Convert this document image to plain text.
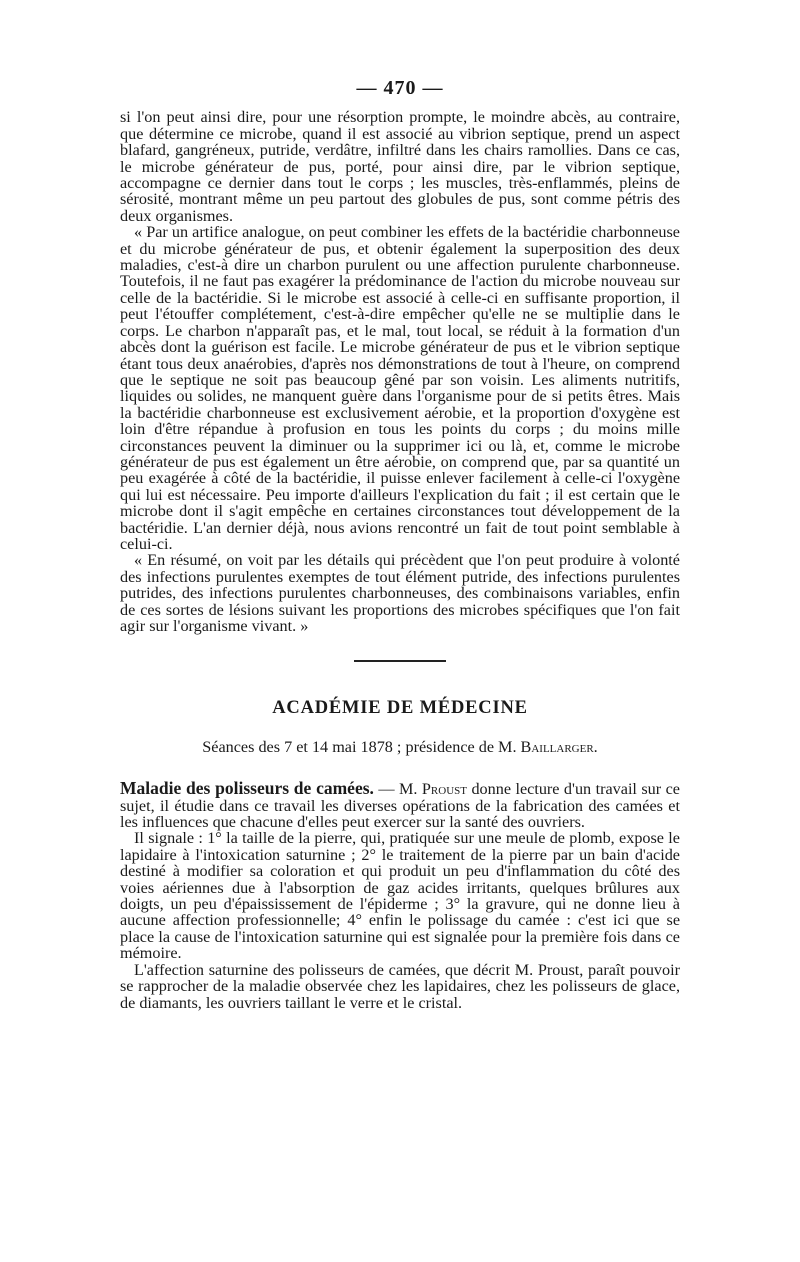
— 470 —

si l'on peut ainsi dire, pour une résorption prompte, le moindre abcès, au contraire, que détermine ce microbe, quand il est associé au vibrion septique, prend un aspect blafard, gangréneux, putride, verdâtre, infiltré dans les chairs ramollies. Dans ce cas, le microbe générateur de pus, porté, pour ainsi dire, par le vibrion septique, accompagne ce dernier dans tout le corps ; les muscles, très-enflammés, pleins de sérosité, montrant même un peu partout des globules de pus, sont comme pétris des deux organismes.

« Par un artifice analogue, on peut combiner les effets de la bactéridie charbonneuse et du microbe générateur de pus, et obtenir également la superposition des deux maladies, c'est-à dire un charbon purulent ou une affection purulente charbonneuse. Toutefois, il ne faut pas exagérer la prédominance de l'action du microbe nouveau sur celle de la bactéridie. Si le microbe est associé à celle-ci en suffisante proportion, il peut l'étouffer complétement, c'est-à-dire empêcher qu'elle ne se multiplie dans le corps. Le charbon n'apparaît pas, et le mal, tout local, se réduit à la formation d'un abcès dont la guérison est facile. Le microbe générateur de pus et le vibrion septique étant tous deux anaérobies, d'après nos démonstrations de tout à l'heure, on comprend que le septique ne soit pas beaucoup gêné par son voisin. Les aliments nutritifs, liquides ou solides, ne manquent guère dans l'organisme pour de si petits êtres. Mais la bactéridie charbonneuse est exclusivement aérobie, et la proportion d'oxygène est loin d'être répandue à profusion en tous les points du corps ; du moins mille circonstances peuvent la diminuer ou la supprimer ici ou là, et, comme le microbe générateur de pus est également un être aérobie, on comprend que, par sa quantité un peu exagérée à côté de la bactéridie, il puisse enlever facilement à celle-ci l'oxygène qui lui est nécessaire. Peu importe d'ailleurs l'explication du fait ; il est certain que le microbe dont il s'agit empêche en certaines circonstances tout développement de la bactéridie. L'an dernier déjà, nous avions rencontré un fait de tout point semblable à celui-ci.

« En résumé, on voit par les détails qui précèdent que l'on peut produire à volonté des infections purulentes exemptes de tout élément putride, des infections purulentes putrides, des infections purulentes charbonneuses, des combinaisons variables, enfin de ces sortes de lésions suivant les proportions des microbes spécifiques que l'on fait agir sur l'organisme vivant. »

ACADÉMIE DE MÉDECINE

Séances des 7 et 14 mai 1878 ; présidence de M. Baillarger.

Maladie des polisseurs de camées. — M. Proust donne lecture d'un travail sur ce sujet, il étudie dans ce travail les diverses opérations de la fabrication des camées et les influences que chacune d'elles peut exercer sur la santé des ouvriers.

Il signale : 1° la taille de la pierre, qui, pratiquée sur une meule de plomb, expose le lapidaire à l'intoxication saturnine ; 2° le traitement de la pierre par un bain d'acide destiné à modifier sa coloration et qui produit un peu d'inflammation du côté des voies aériennes due à l'absorption de gaz acides irritants, quelques brûlures aux doigts, un peu d'épaississement de l'épiderme ; 3° la gravure, qui ne donne lieu à aucune affection professionnelle; 4° enfin le polissage du camée : c'est ici que se place la cause de l'intoxication saturnine qui est signalée pour la première fois dans ce mémoire.

L'affection saturnine des polisseurs de camées, que décrit M. Proust, paraît pouvoir se rapprocher de la maladie observée chez les lapidaires, chez les polisseurs de glace, de diamants, les ouvriers taillant le verre et le cristal.
